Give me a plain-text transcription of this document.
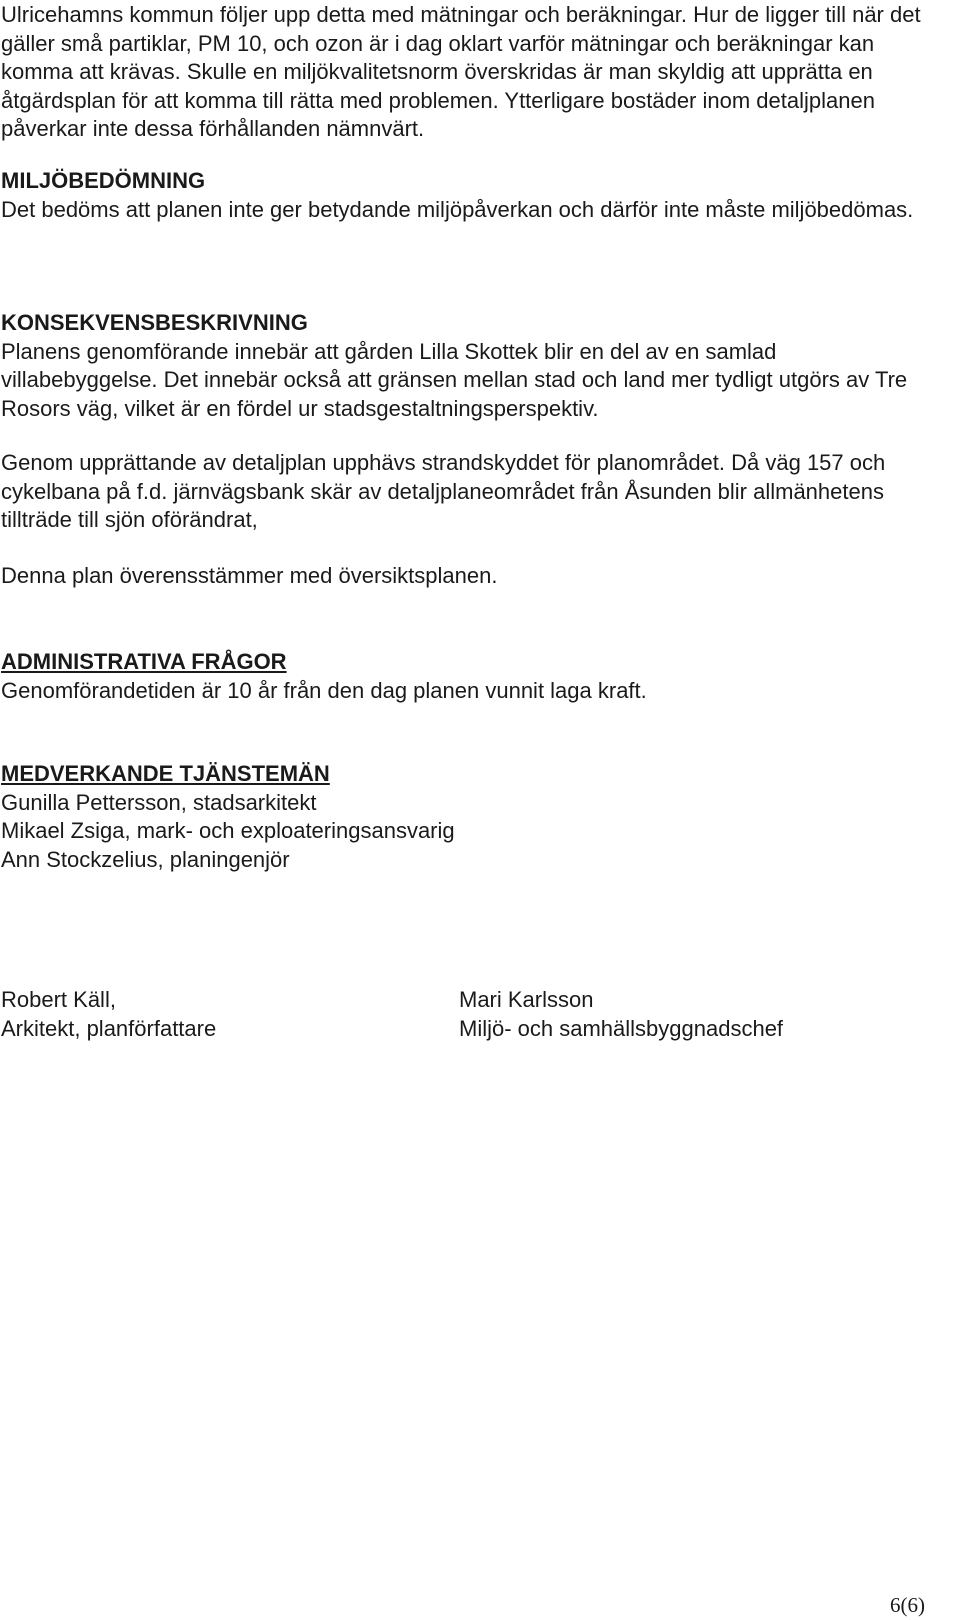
Ulricehamns kommun följer upp detta med mätningar och beräkningar. Hur de ligger till när det gäller små partiklar, PM 10, och ozon är i dag oklart varför mätningar och beräkningar kan komma att krävas. Skulle en miljökvalitetsnorm överskridas är man skyldig att upprätta en åtgärdsplan för att komma till rätta med problemen. Ytterligare bostäder inom detaljplanen påverkar inte dessa förhållanden nämnvärt.

MILJÖBEDÖMNING

Det bedöms att planen inte ger betydande miljöpåverkan och därför inte måste miljöbedömas.

KONSEKVENSBESKRIVNING

Planens genomförande innebär att gården Lilla Skottek blir en del av en samlad villabebyggelse. Det innebär också att gränsen mellan stad och land mer tydligt utgörs av Tre Rosors väg, vilket är en fördel ur stadsgestaltningsperspektiv.

Genom upprättande av detaljplan upphävs strandskyddet för planområdet. Då väg 157 och cykelbana på f.d. järnvägsbank skär av detaljplaneområdet från Åsunden blir allmänhetens tillträde till sjön oförändrat,

Denna plan överensstämmer med översiktsplanen.

ADMINISTRATIVA FRÅGOR

Genomförandetiden är 10 år från den dag planen vunnit laga kraft.

MEDVERKANDE TJÄNSTEMÄN

Gunilla Pettersson, stadsarkitekt

Mikael Zsiga, mark- och exploateringsansvarig

Ann Stockzelius, planingenjör

Robert Käll,
Arkitekt, planförfattare
Mari Karlsson
Miljö- och samhällsbyggnadschef
6(6)
